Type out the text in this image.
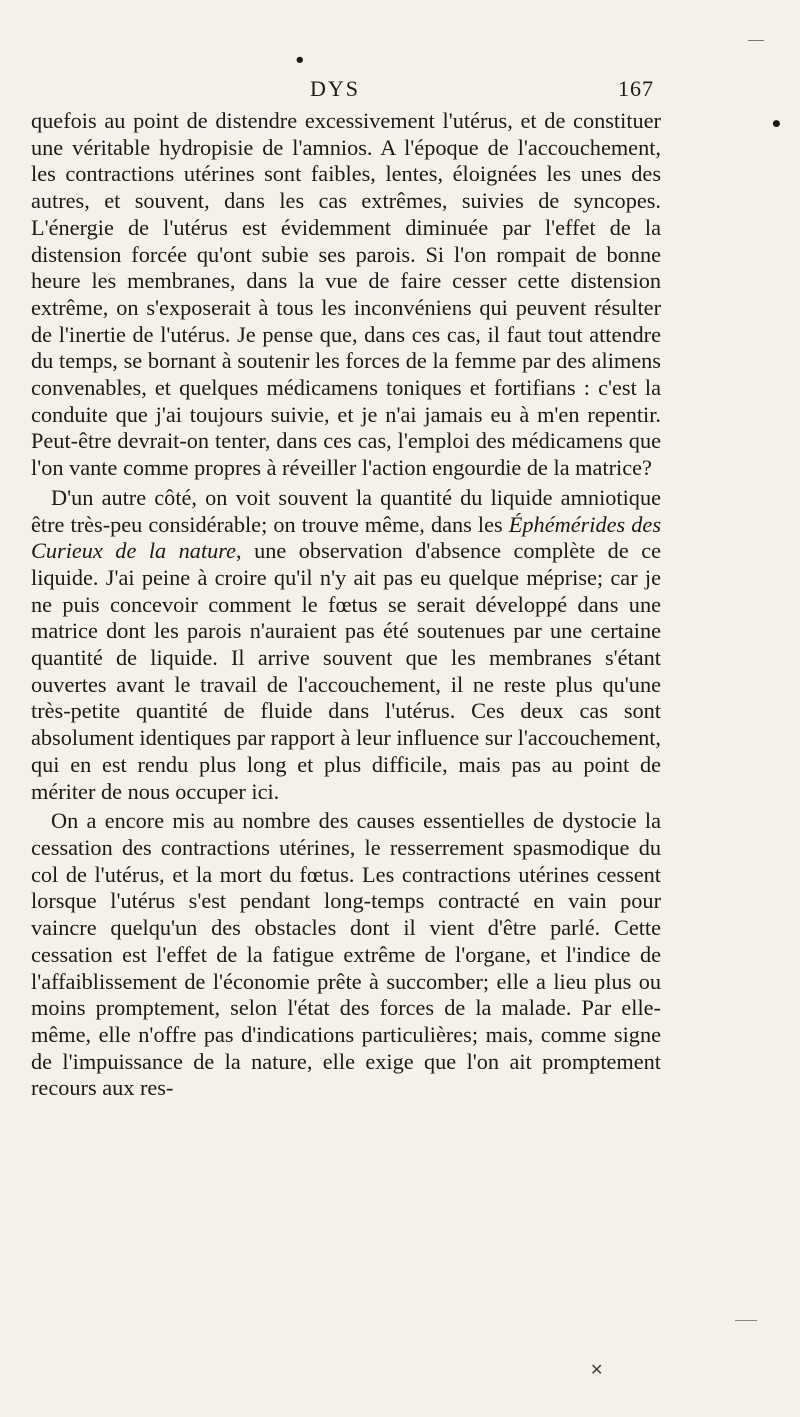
•
•
DYS	167

quefois au point de distendre excessivement l'utérus, et de constituer une véritable hydropisie de l'amnios. A l'époque de l'accouchement, les contractions utérines sont faibles, lentes, éloignées les unes des autres, et souvent, dans les cas extrêmes, suivies de syncopes. L'énergie de l'utérus est évidemment diminuée par l'effet de la distension forcée qu'ont subie ses parois. Si l'on rompait de bonne heure les membranes, dans la vue de faire cesser cette distension extrême, on s'exposerait à tous les inconvéniens qui peuvent résulter de l'inertie de l'utérus. Je pense que, dans ces cas, il faut tout attendre du temps, se bornant à soutenir les forces de la femme par des alimens convenables, et quelques médicamens toniques et fortifians : c'est la conduite que j'ai toujours suivie, et je n'ai jamais eu à m'en repentir. Peut-être devrait-on tenter, dans ces cas, l'emploi des médicamens que l'on vante comme propres à réveiller l'action engourdie de la matrice?

D'un autre côté, on voit souvent la quantité du liquide amniotique être très-peu considérable; on trouve même, dans les Éphémérides des Curieux de la nature, une observation d'absence complète de ce liquide. J'ai peine à croire qu'il n'y ait pas eu quelque méprise; car je ne puis concevoir comment le fœtus se serait développé dans une matrice dont les parois n'auraient pas été soutenues par une certaine quantité de liquide. Il arrive souvent que les membranes s'étant ouvertes avant le travail de l'accouchement, il ne reste plus qu'une très-petite quantité de fluide dans l'utérus. Ces deux cas sont absolument identiques par rapport à leur influence sur l'accouchement, qui en est rendu plus long et plus difficile, mais pas au point de mériter de nous occuper ici.

On a encore mis au nombre des causes essentielles de dystocie la cessation des contractions utérines, le resserrement spasmodique du col de l'utérus, et la mort du fœtus. Les contractions utérines cessent lorsque l'utérus s'est pendant long-temps contracté en vain pour vaincre quelqu'un des obstacles dont il vient d'être parlé. Cette cessation est l'effet de la fatigue extrême de l'organe, et l'indice de l'affaiblissement de l'économie prête à succomber; elle a lieu plus ou moins promptement, selon l'état des forces de la malade. Par elle-même, elle n'offre pas d'indications particulières; mais, comme signe de l'impuissance de la nature, elle exige que l'on ait promptement recours aux res-

✕
